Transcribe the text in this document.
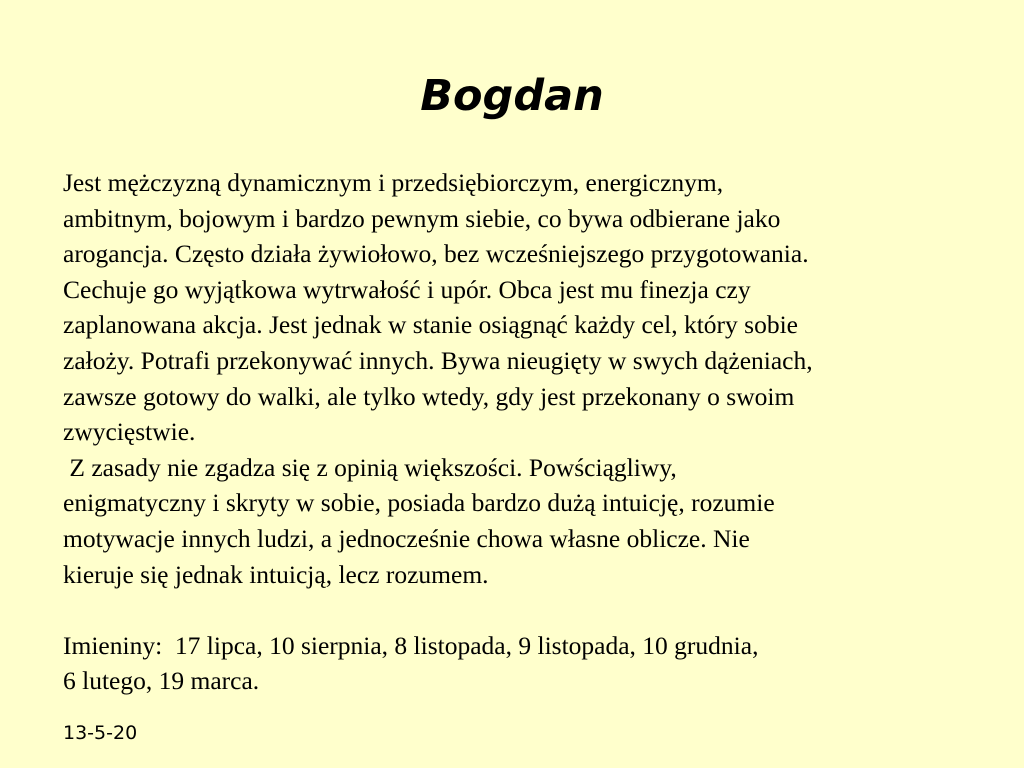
Bogdan
Jest mężczyzną dynamicznym i przedsiębiorczym, energicznym,
ambitnym, bojowym i bardzo pewnym siebie, co bywa odbierane jako
arogancja. Często działa żywiołowo, bez wcześniejszego przygotowania.
Cechuje go wyjątkowa wytrwałość i upór. Obca jest mu finezja czy
zaplanowana akcja. Jest jednak w stanie osiągnąć każdy cel, który sobie
założy. Potrafi przekonywać innych. Bywa nieugięty w swych dążeniach,
zawsze gotowy do walki, ale tylko wtedy, gdy jest przekonany o swoim
zwycięstwie.
Z zasady nie zgadza się z opinią większości. Powściągliwy,
enigmatyczny i skryty w sobie, posiada bardzo dużą intuicję, rozumie
motywacje innych ludzi, a jednocześnie chowa własne oblicze. Nie
kieruje się jednak intuicją, lecz rozumem.
Imieniny:  17 lipca, 10 sierpnia, 8 listopada, 9 listopada, 10 grudnia,
6 lutego, 19 marca.
13-5-20
